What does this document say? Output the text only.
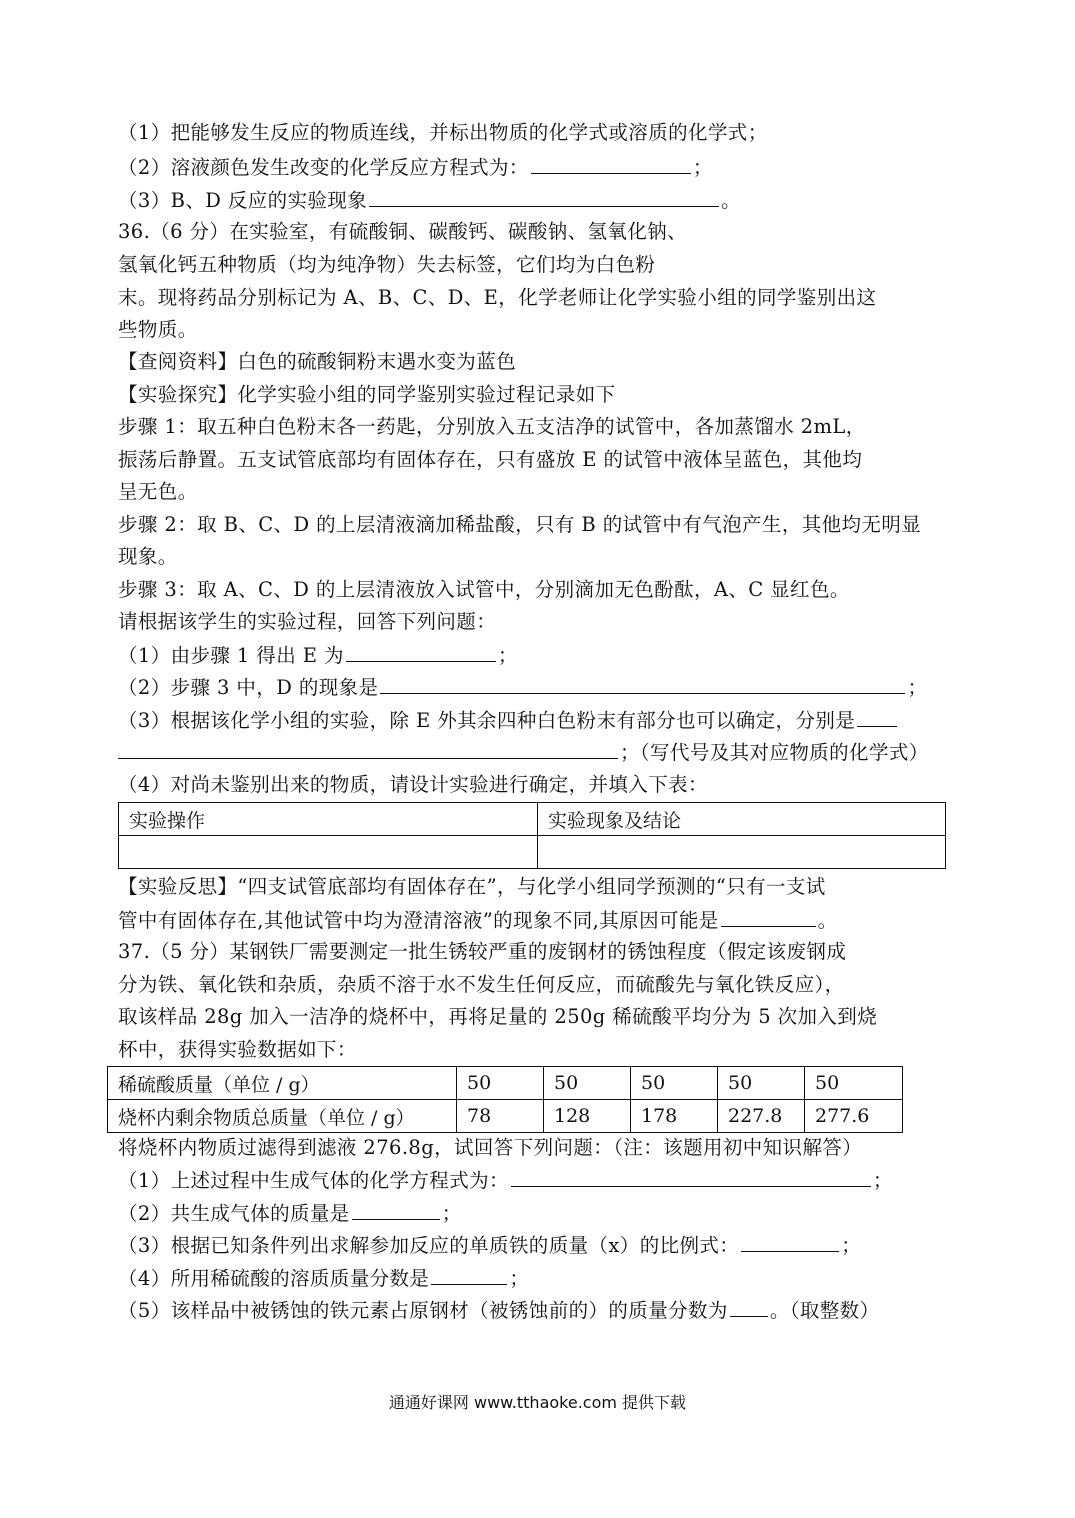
（1）把能够发生反应的物质连线，并标出物质的化学式或溶质的化学式；
（2）溶液颜色发生改变的化学反应方程式为：	；
（3）B、D 反应的实验现象	。
36.（6 分）在实验室，有硫酸铜、碳酸钙、碳酸钠、氢氧化钠、
氢氧化钙五种物质（均为纯净物）失去标签，它们均为白色粉
末。现将药品分别标记为 A、B、C、D、E，化学老师让化学实验小组的同学鉴别出这
些物质。
【查阅资料】白色的硫酸铜粉末遇水变为蓝色
【实验探究】化学实验小组的同学鉴别实验过程记录如下
步骤 1：取五种白色粉末各一药匙，分别放入五支洁净的试管中，各加蒸馏水 2mL，
振荡后静置。五支试管底部均有固体存在，只有盛放 E 的试管中液体呈蓝色，其他均
呈无色。
步骤 2：取 B、C、D 的上层清液滴加稀盐酸，只有 B 的试管中有气泡产生，其他均无明显
现象。
步骤 3：取 A、C、D 的上层清液放入试管中，分别滴加无色酚酞，A、C 显红色。
请根据该学生的实验过程，回答下列问题：
（1）由步骤 1 得出 E 为	；
（2）步骤 3 中，D 的现象是	；
（3）根据该化学小组的实验，除 E 外其余四种白色粉末有部分也可以确定，分别是
；（写代号及其对应物质的化学式）
（4）对尚未鉴别出来的物质，请设计实验进行确定，并填入下表：
实验操作	实验现象及结论

【实验反思】“四支试管底部均有固体存在”，与化学小组同学预测的“只有一支试
管中有固体存在,其他试管中均为澄清溶液”的现象不同,其原因可能是	。
37.（5 分）某钢铁厂需要测定一批生锈较严重的废钢材的锈蚀程度（假定该废钢成
分为铁、氧化铁和杂质，杂质不溶于水不发生任何反应，而硫酸先与氧化铁反应），
取该样品 28g 加入一洁净的烧杯中，再将足量的 250g 稀硫酸平均分为 5 次加入到烧
杯中，获得实验数据如下：
稀硫酸质量（单位 / g）	50	50	50	50	50
烧杯内剩余物质总质量（单位 / g）	78	128	178	227.8	277.6
将烧杯内物质过滤得到滤液 276.8g，试回答下列问题：（注：该题用初中知识解答）
（1）上述过程中生成气体的化学方程式为：	；
（2）共生成气体的质量是	；
（3）根据已知条件列出求解参加反应的单质铁的质量（x）的比例式：	；
（4）所用稀硫酸的溶质质量分数是	；
（5）该样品中被锈蚀的铁元素占原钢材（被锈蚀前的）的质量分数为 。（取整数）
通通好课网 www.tthaoke.com 提供下载
